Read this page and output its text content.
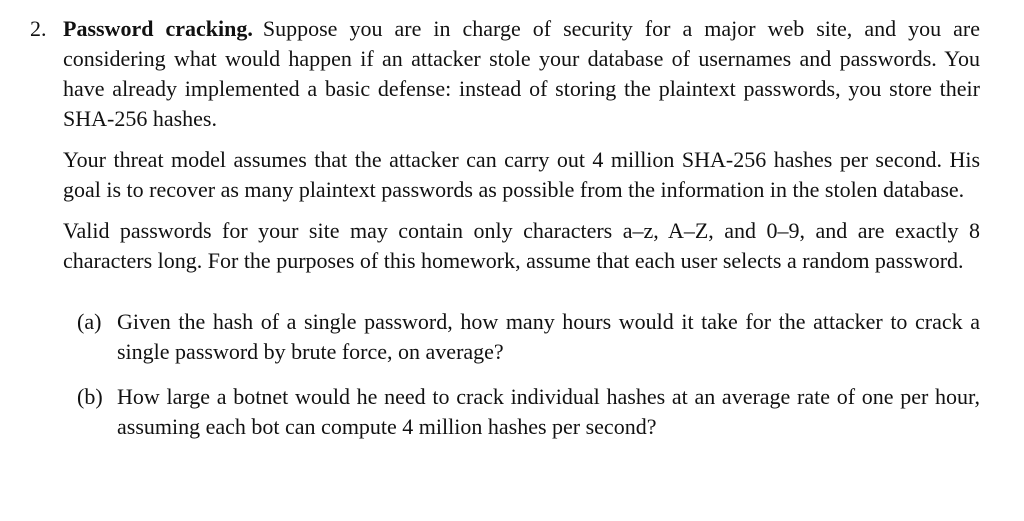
2. Password cracking. Suppose you are in charge of security for a major web site, and you are considering what would happen if an attacker stole your database of usernames and passwords. You have already implemented a basic defense: instead of storing the plaintext passwords, you store their SHA-256 hashes.

Your threat model assumes that the attacker can carry out 4 million SHA-256 hashes per second. His goal is to recover as many plaintext passwords as possible from the information in the stolen database.

Valid passwords for your site may contain only characters a–z, A–Z, and 0–9, and are exactly 8 characters long. For the purposes of this homework, assume that each user selects a random password.

(a) Given the hash of a single password, how many hours would it take for the attacker to crack a single password by brute force, on average?
(b) How large a botnet would he need to crack individual hashes at an average rate of one per hour, assuming each bot can compute 4 million hashes per second?
